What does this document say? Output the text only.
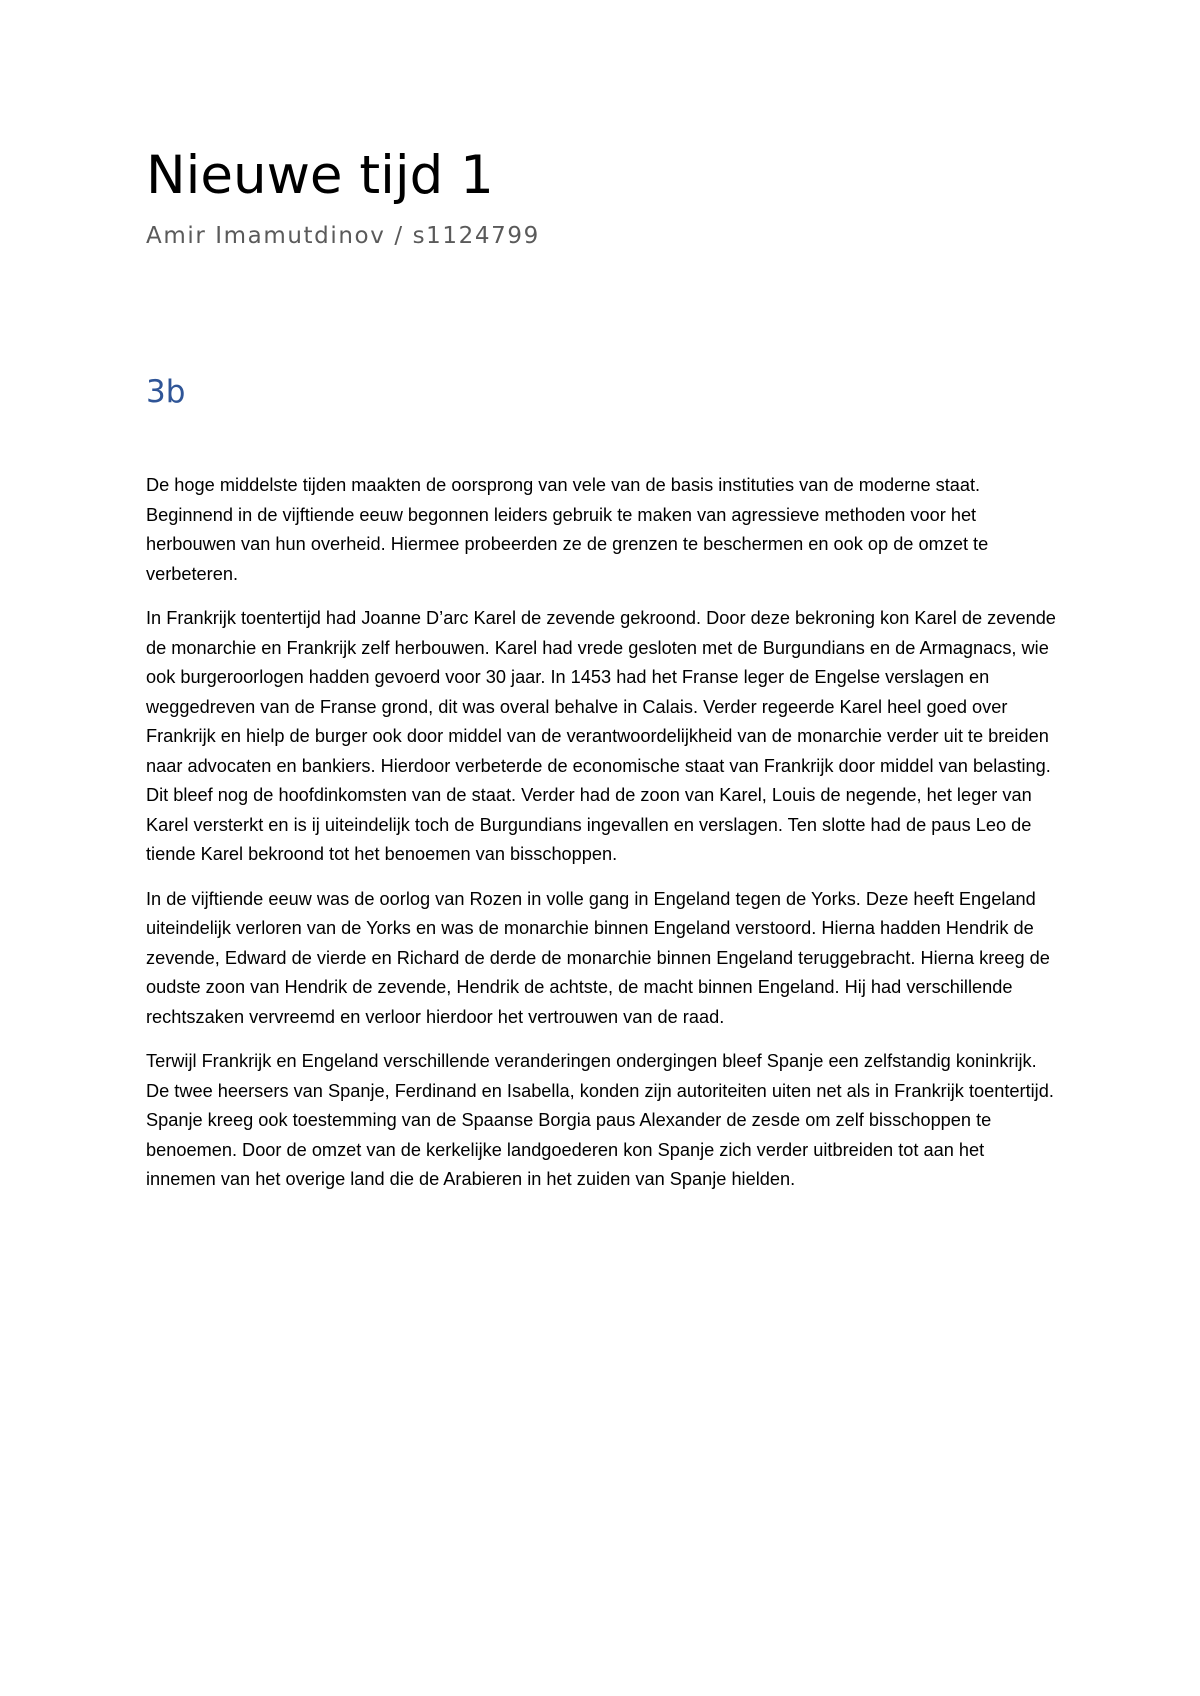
Nieuwe tijd 1
Amir Imamutdinov / s1124799
3b

De hoge middelste tijden maakten de oorsprong van vele van de basis instituties van de moderne staat. Beginnend in de vijftiende eeuw begonnen leiders gebruik te maken van agressieve methoden voor het herbouwen van hun overheid. Hiermee probeerden ze de grenzen te beschermen en ook op de omzet te verbeteren.

In Frankrijk toentertijd had Joanne D’arc Karel de zevende gekroond. Door deze bekroning kon Karel de zevende de monarchie en Frankrijk zelf herbouwen. Karel had vrede gesloten met de Burgundians en de Armagnacs, wie ook burgeroorlogen hadden gevoerd voor 30 jaar. In 1453 had het Franse leger de Engelse verslagen en weggedreven van de Franse grond, dit was overal behalve in Calais. Verder regeerde Karel heel goed over Frankrijk en hielp de burger ook door middel van de verantwoordelijkheid van de monarchie verder uit te breiden naar advocaten en bankiers. Hierdoor verbeterde de economische staat van Frankrijk door middel van belasting. Dit bleef nog de hoofdinkomsten van de staat. Verder had de zoon van Karel, Louis de negende, het leger van Karel versterkt en is ij uiteindelijk toch de Burgundians ingevallen en verslagen. Ten slotte had de paus Leo de tiende Karel bekroond tot het benoemen van bisschoppen.

In de vijftiende eeuw was de oorlog van Rozen in volle gang in Engeland tegen de Yorks. Deze heeft Engeland uiteindelijk verloren van de Yorks en was de monarchie binnen Engeland verstoord. Hierna hadden Hendrik de zevende, Edward de vierde en Richard de derde de monarchie binnen Engeland teruggebracht. Hierna kreeg de oudste zoon van Hendrik de zevende, Hendrik de achtste, de macht binnen Engeland. Hij had verschillende rechtszaken vervreemd en verloor hierdoor het vertrouwen van de raad.

Terwijl Frankrijk en Engeland verschillende veranderingen ondergingen bleef Spanje een zelfstandig koninkrijk. De twee heersers van Spanje, Ferdinand en Isabella, konden zijn autoriteiten uiten net als in Frankrijk toentertijd. Spanje kreeg ook toestemming van de Spaanse Borgia paus Alexander de zesde om zelf bisschoppen te benoemen. Door de omzet van de kerkelijke landgoederen kon Spanje zich verder uitbreiden tot aan het innemen van het overige land die de Arabieren in het zuiden van Spanje hielden.
